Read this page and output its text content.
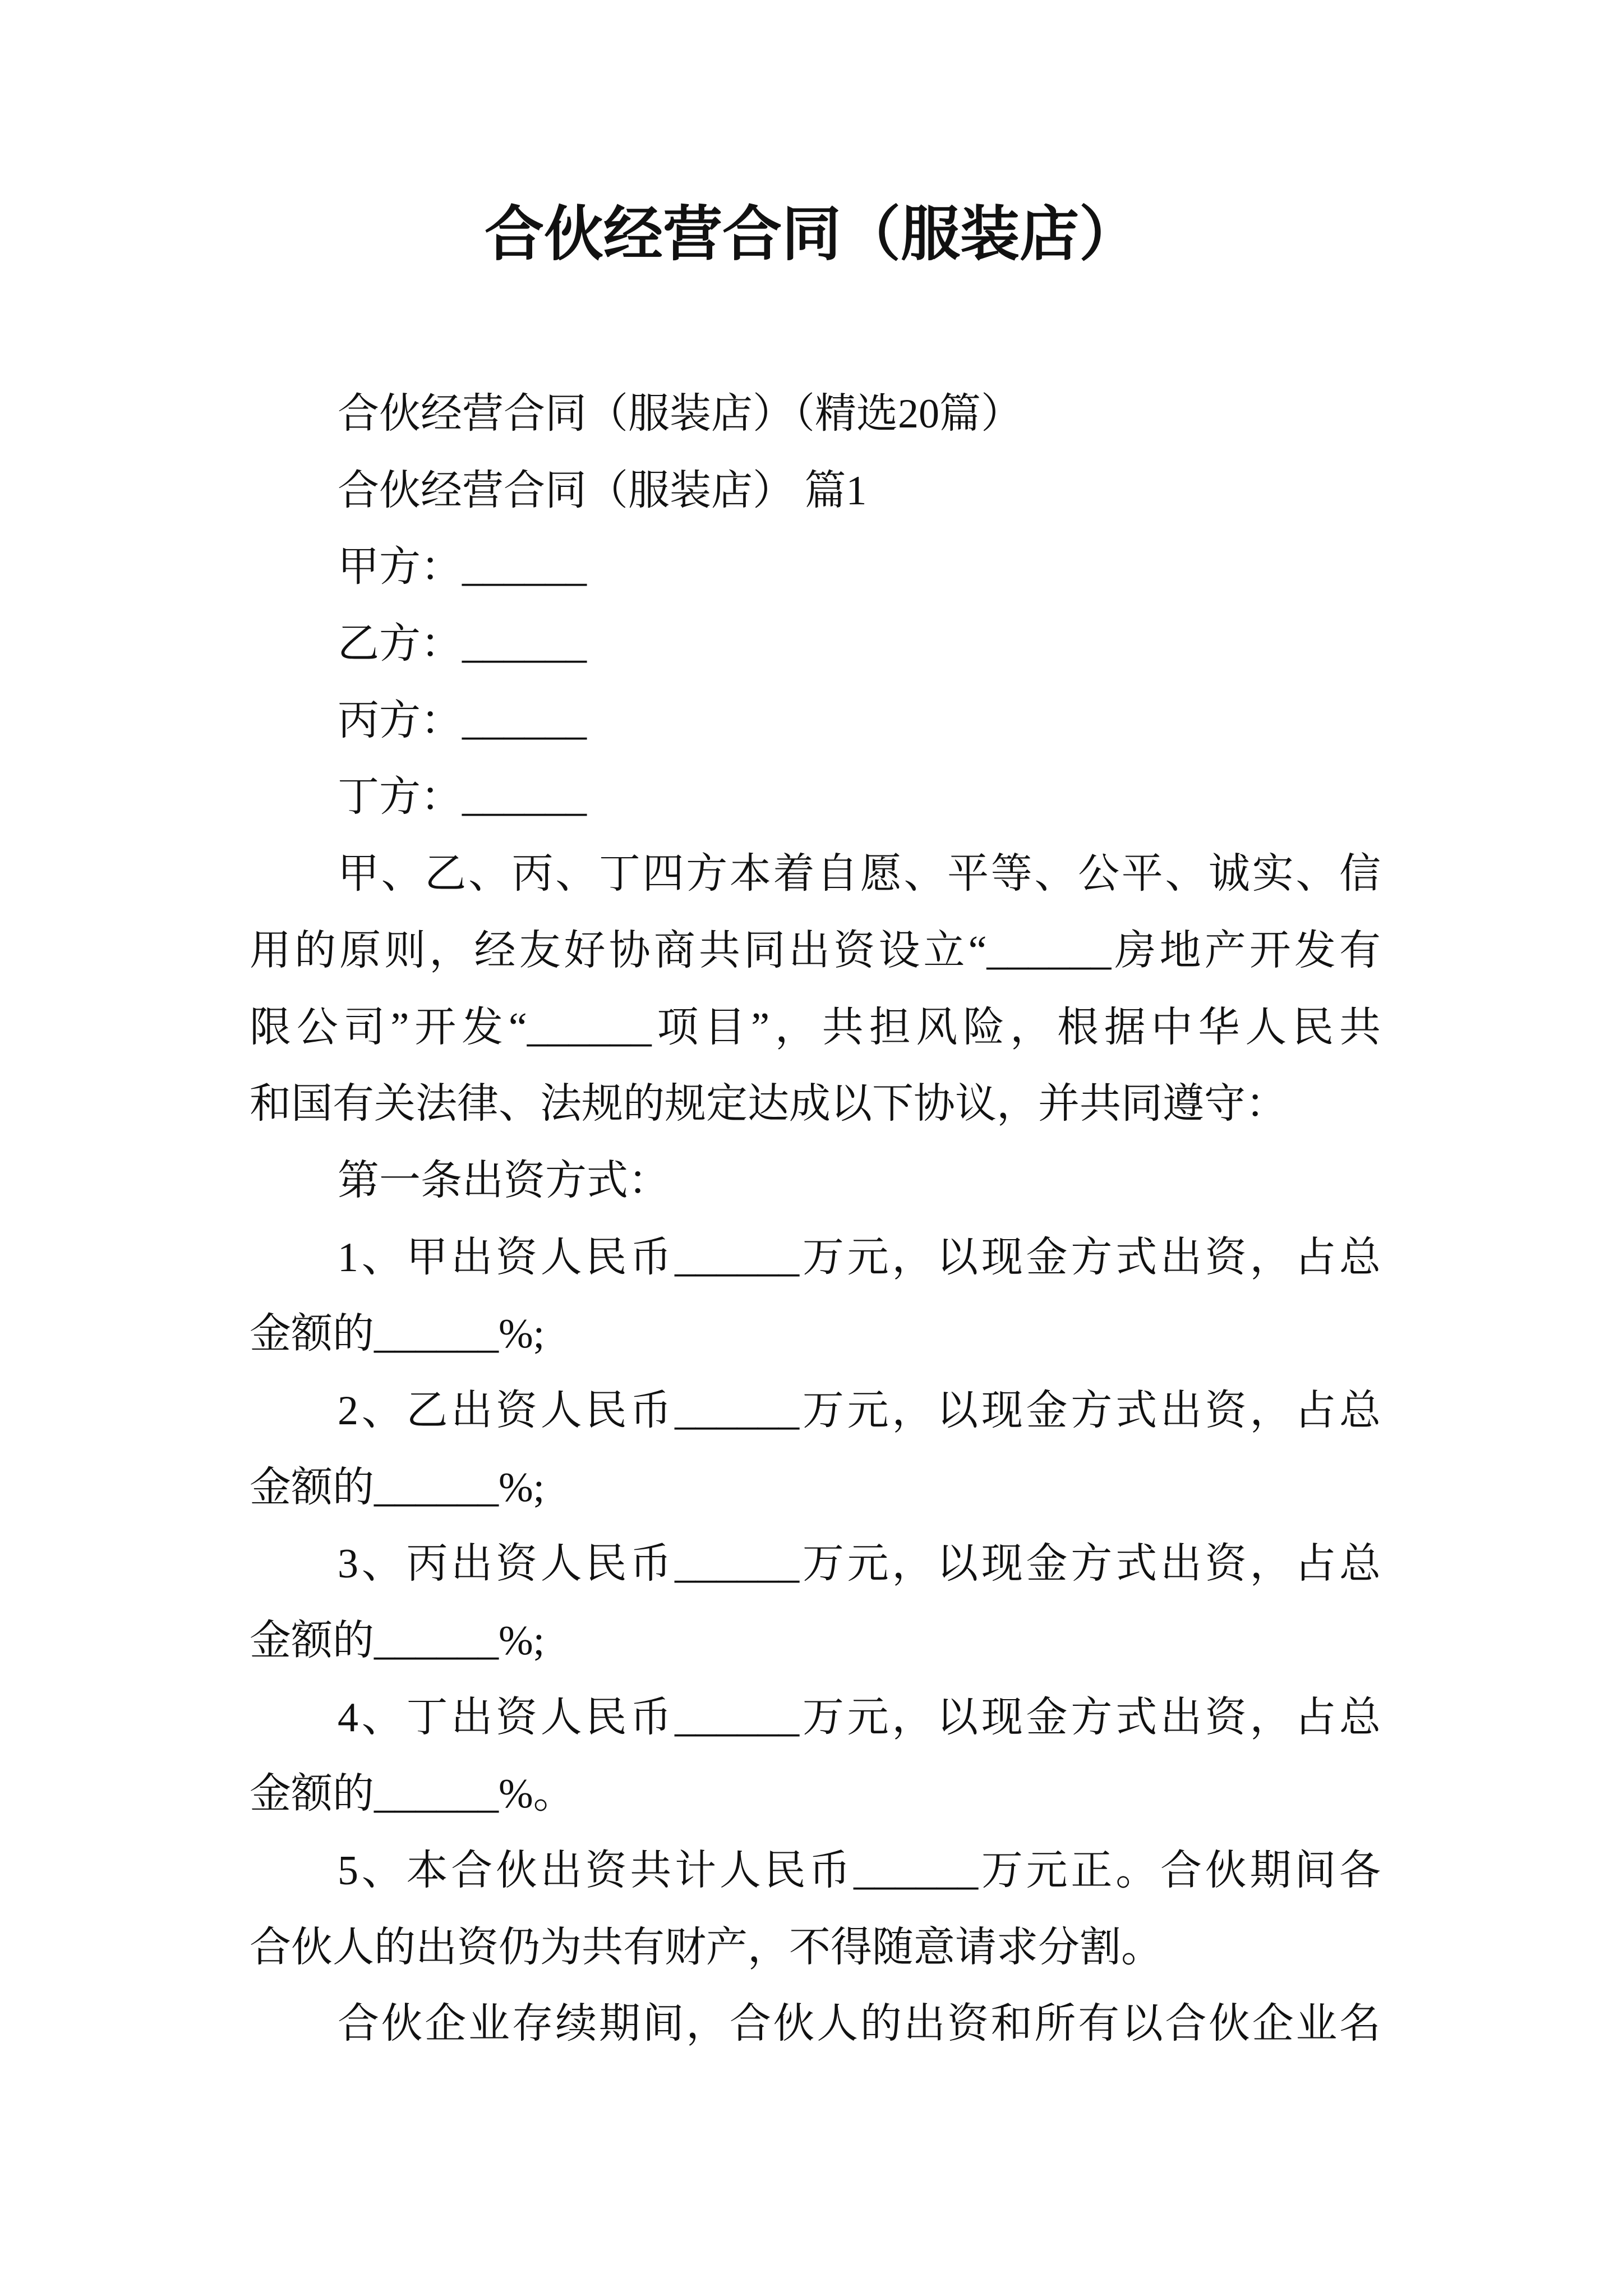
合伙经营合同（服装店）
合伙经营合同（服装店）（精选20篇）
合伙经营合同（服装店） 篇1
甲方：______
乙方：______
丙方：______
丁方：______
甲、乙、丙、丁四方本着自愿、平等、公平、诚实、信
用的原则，经友好协商共同出资设立“______房地产开发有
限公司”开发“______项目”，共担风险，根据中华人民共
和国有关法律、法规的规定达成以下协议，并共同遵守：
第一条出资方式：
1、甲出资人民币______万元，以现金方式出资，占总
金额的______%;
2、乙出资人民币______万元，以现金方式出资，占总
金额的______%;
3、丙出资人民币______万元，以现金方式出资，占总
金额的______%;
4、丁出资人民币______万元，以现金方式出资，占总
金额的______%。
5、本合伙出资共计人民币______万元正。合伙期间各
合伙人的出资仍为共有财产，不得随意请求分割。
合伙企业存续期间，合伙人的出资和所有以合伙企业名
